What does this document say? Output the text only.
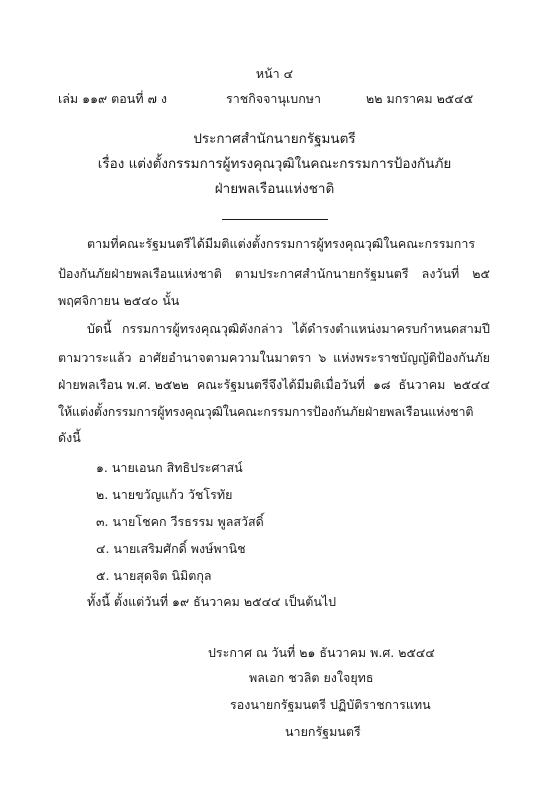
หน้า ๔
เล่ม ๑๑๙ ตอนที่ ๗ ง	ราชกิจจานุเบกษา	๒๒ มกราคม ๒๕๔๕
ประกาศสำนักนายกรัฐมนตรี
เรื่อง แต่งตั้งกรรมการผู้ทรงคุณวุฒิในคณะกรรมการป้องกันภัย
ฝ่ายพลเรือนแห่งชาติ
ตามที่คณะรัฐมนตรีได้มีมติแต่งตั้งกรรมการผู้ทรงคุณวุฒิในคณะกรรมการ
ป้องกันภัยฝ่ายพลเรือนแห่งชาติ ตามประกาศสำนักนายกรัฐมนตรี ลงวันที่ ๒๕
พฤศจิกายน ๒๕๔๐ นั้น
บัดนี้ กรรมการผู้ทรงคุณวุฒิดังกล่าว ได้ดำรงตำแหน่งมาครบกำหนดสามปี
ตามวาระแล้ว อาศัยอำนาจตามความในมาตรา ๖ แห่งพระราชบัญญัติป้องกันภัย
ฝ่ายพลเรือน พ.ศ. ๒๕๒๒ คณะรัฐมนตรีจึงได้มีมติเมื่อวันที่ ๑๘ ธันวาคม ๒๕๔๔
ให้แต่งตั้งกรรมการผู้ทรงคุณวุฒิในคณะกรรมการป้องกันภัยฝ่ายพลเรือนแห่งชาติ
ดังนี้
๑. นายเอนก สิทธิประศาสน์
๒. นายขวัญแก้ว วัชโรทัย
๓. นายโชคก วีรธรรม พูลสวัสดิ์
๔. นายเสริมศักดิ์ พงษ์พานิช
๕. นายสุดจิต นิมิตกุล
ทั้งนี้ ตั้งแต่วันที่ ๑๙ ธันวาคม ๒๕๔๔ เป็นต้นไป
ประกาศ ณ วันที่ ๒๑ ธันวาคม พ.ศ. ๒๕๔๔
พลเอก ชวลิต ยงใจยุทธ
รองนายกรัฐมนตรี ปฏิบัติราชการแทน
นายกรัฐมนตรี
